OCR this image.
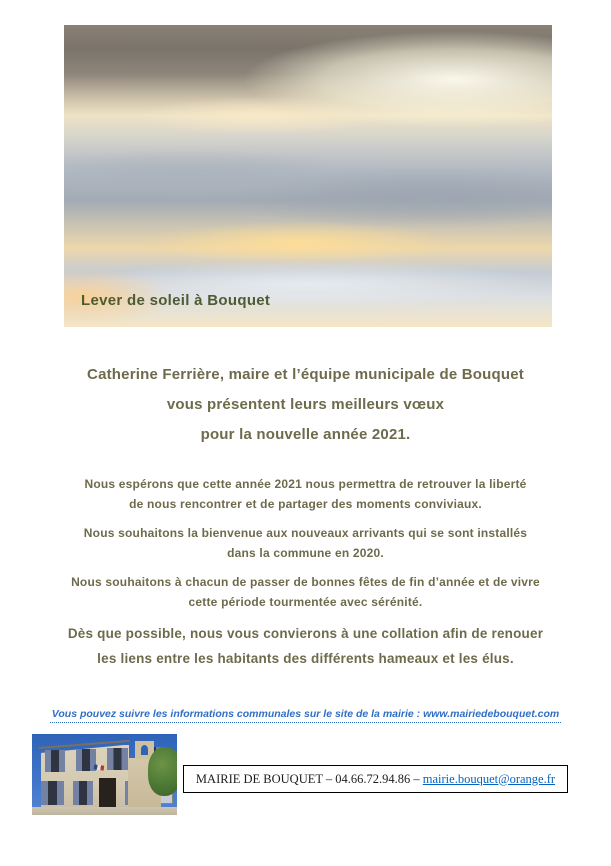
Lever de soleil à Bouquet
Catherine Ferrière, maire et l’équipe municipale de Bouquet
vous présentent leurs meilleurs vœux
pour la nouvelle année 2021.
Nous espérons que cette année 2021 nous permettra de retrouver la liberté
de nous rencontrer et de partager des moments conviviaux.
Nous souhaitons la bienvenue aux nouveaux arrivants qui se sont installés
dans la commune en 2020.
Nous souhaitons à chacun de passer de bonnes fêtes de fin d’année et de vivre
cette période tourmentée avec sérénité.
Dès que possible, nous vous convierons à une collation afin de renouer
les liens entre les habitants des différents hameaux et les élus.
Vous pouvez suivre les informations communales sur le site de la mairie : www.mairiedebouquet.com
MAIRIE DE BOUQUET – 04.66.72.94.86 – mairie.bouquet@orange.fr
